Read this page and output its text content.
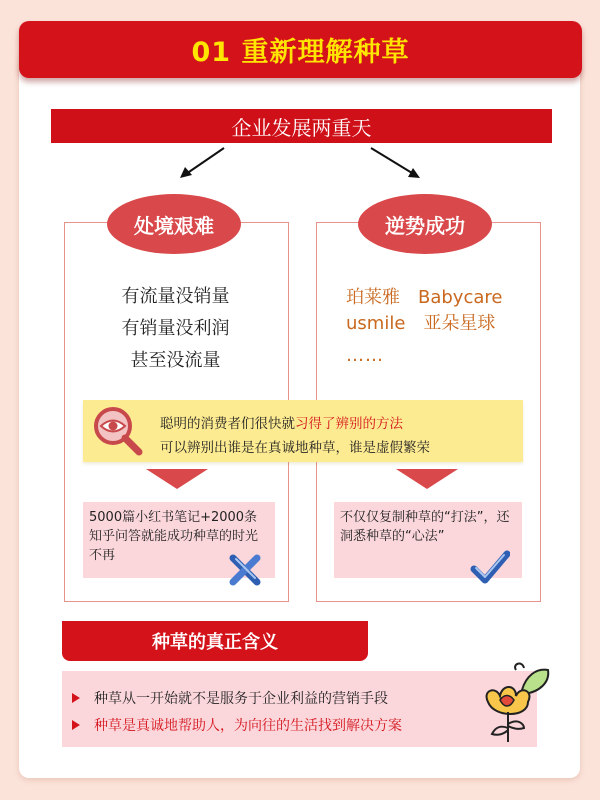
01 重新理解种草
企业发展两重天
处境艰难	逆势成功
有流量没销量
有销量没利润
甚至没流量
珀莱雅　Babycare
usmile　亚朵星球
……
聪明的消费者们很快就习得了辨别的方法
可以辨别出谁是在真诚地种草，谁是虚假繁荣
5000篇小红书笔记+2000条知乎问答就能成功种草的时光不再
不仅仅复制种草的“打法”，还洞悉种草的“心法”
种草的真正含义
种草从一开始就不是服务于企业利益的营销手段
种草是真诚地帮助人，为向往的生活找到解决方案
